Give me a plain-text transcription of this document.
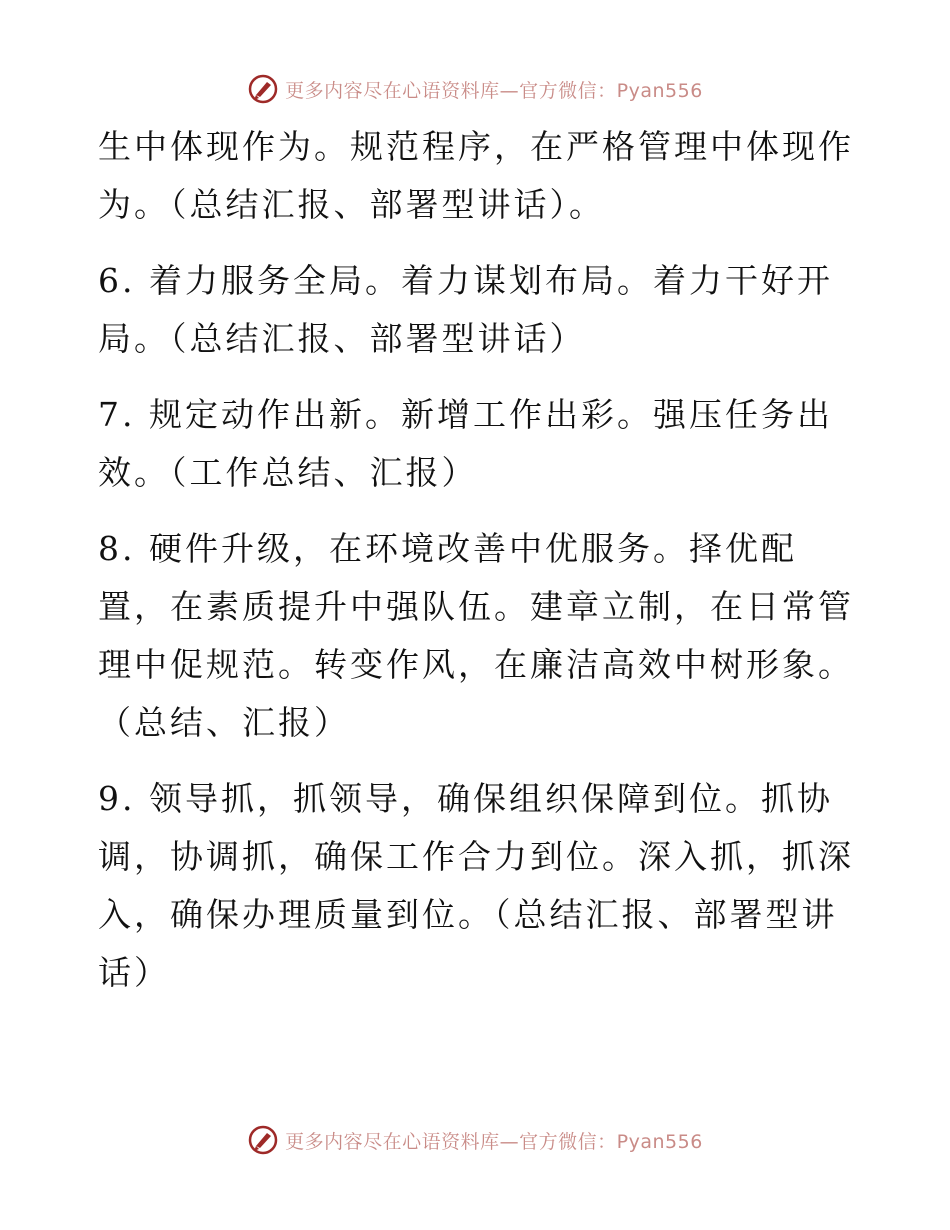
更多内容尽在心语资料库—官方微信：Pyan556

生中体现作为。规范程序，在严格管理中体现作为。（总结汇报、部署型讲话）。

6. 着力服务全局。着力谋划布局。着力干好开局。（总结汇报、部署型讲话）

7. 规定动作出新。新增工作出彩。强压任务出效。（工作总结、汇报）

8. 硬件升级，在环境改善中优服务。择优配置，在素质提升中强队伍。建章立制，在日常管理中促规范。转变作风，在廉洁高效中树形象。（总结、汇报）

9. 领导抓，抓领导，确保组织保障到位。抓协调，协调抓，确保工作合力到位。深入抓，抓深入，确保办理质量到位。（总结汇报、部署型讲话）

更多内容尽在心语资料库—官方微信：Pyan556
